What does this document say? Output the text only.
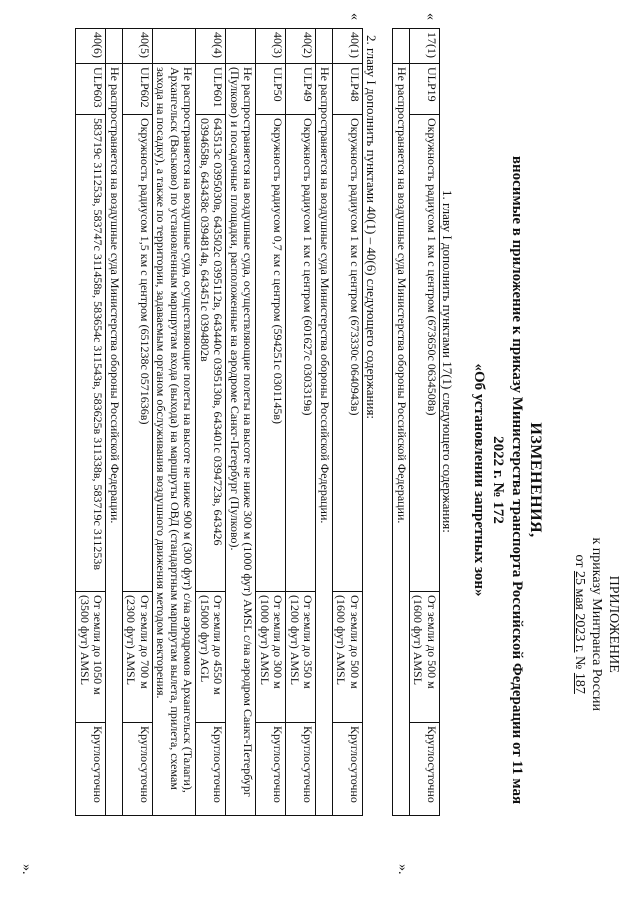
ПРИЛОЖЕНИЕ
к приказу Минтранса России
от 25 мая 2023 г. № 187
ИЗМЕНЕНИЯ,
вносимые в приложение к приказу Министерства транспорта Российской Федерации от 11 мая 2022 г. № 172
«Об установлении запретных зон»
1. главу I дополнить пунктами 17(1) следующего содержания:
«
17(1)	ULP19	Окружность радиусом 1 км с центром (673650с 0634508в)	От земли до 500 м (1600 фут) AMSL	Круглосуточно
	Не распространяется на воздушные суда Министерства обороны Российской Федерации.			
».
2. главу I дополнить пунктами 40(1) – 40(6) следующего содержания:
«
40(1)	ULP48	Окружность радиусом 1 км с центром (673330с 0640943в)	От земли до 500 м (1600 фут) AMSL	Круглосуточно
	Не распространяется на воздушные суда Министерства обороны Российской Федерации.			
40(2)	ULP49	Окружность радиусом 1 км с центром (601627с 0303319в)	От земли до 350 м (1200 фут) AMSL	Круглосуточно
40(3)	ULP50	Окружность радиусом 0,7 км с центром (594251с 0301145в)	От земли до 300 м (1000 фут) AMSL	Круглосуточно
	Не распространяется на воздушные суда, осуществляющие полеты на высоте не ниже 300 м (1000 фут) AMSL с/на аэродром Санкт-Петербург (Пулково) и посадочные площадки, расположенные на аэродроме Санкт-Петербург (Пулково).			
40(4)	ULP601	643513с 0395030в, 643502с 0395112в, 643440с 0395130в, 643401с 0394723в, 643426 0394658в, 643438с 0394814в, 643451с 0394802в	От земли до 4550 м (15000 фут) AGL	Круглосуточно
	Не распространяется на воздушные суда, осуществляющие полеты на высоте не ниже 900 м (300 фут) с/на аэродромов Архангельск (Талаги), Архангельск (Васьково) по установленным маршрутам входа (выхода) на маршруты ОВД (стандартным маршрутам вылета, прилета, схемам захода на посадку), а также по территории, задаваемым органом обслуживания воздушного движения методом векторения.			
40(5)	ULP602	Окружность радиусом 1,5 км с центром (651238с 0571636в)	От земли до 700 м (2300 фут) AMSL	Круглосуточно
	Не распространяется на воздушные суда Министерства обороны Российской Федерации.			
40(6)	ULP603	583719с 311253в, 583747с 311458в, 583654с 311543в, 583625в 311338в, 583719с 311253в	От земли до 1050 м (3500 фут) AMSL	Круглосуточно
».
